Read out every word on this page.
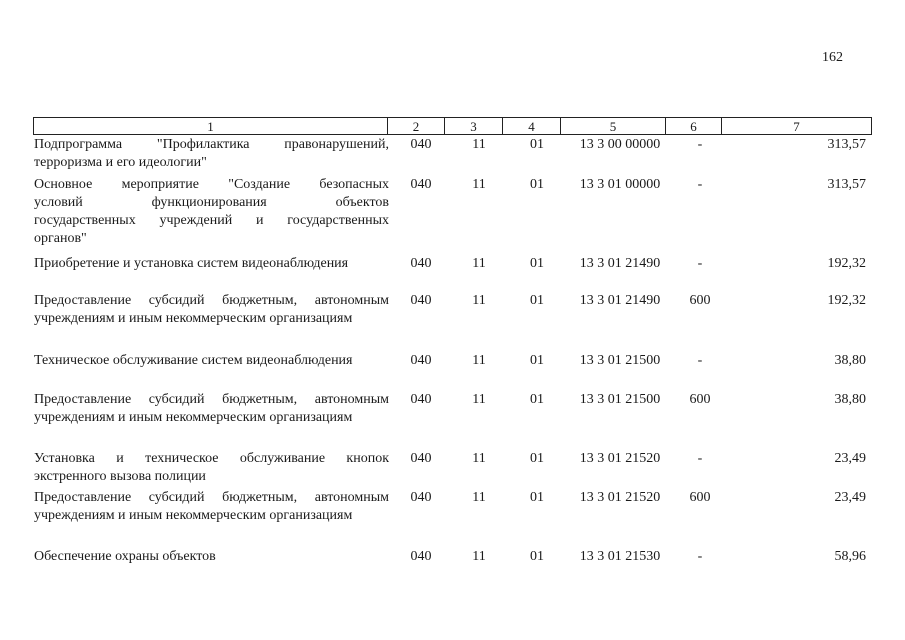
162
1	2	3	4	5	6	7
Подпрограмма "Профилактика правонарушений,
терроризма и его идеологии"
040	11	01	13 3 00 00000	-	313,57
Основное мероприятие "Создание безопасных
условий функционирования объектов
государственных учреждений и государственных
органов"
040	11	01	13 3 01 00000	-	313,57
Приобретение и установка систем видеонаблюдения	040	11	01	13 3 01 21490	-	192,32
Предоставление субсидий бюджетным, автономным
учреждениям и иным некоммерческим организациям
040	11	01	13 3 01 21490	600	192,32
Техническое обслуживание систем видеонаблюдения	040	11	01	13 3 01 21500	-	38,80
Предоставление субсидий бюджетным, автономным
учреждениям и иным некоммерческим организациям
040	11	01	13 3 01 21500	600	38,80
Установка и техническое обслуживание кнопок
экстренного вызова полиции
040	11	01	13 3 01 21520	-	23,49
Предоставление субсидий бюджетным, автономным
учреждениям и иным некоммерческим организациям
040	11	01	13 3 01 21520	600	23,49
Обеспечение охраны объектов	040	11	01	13 3 01 21530	-	58,96
